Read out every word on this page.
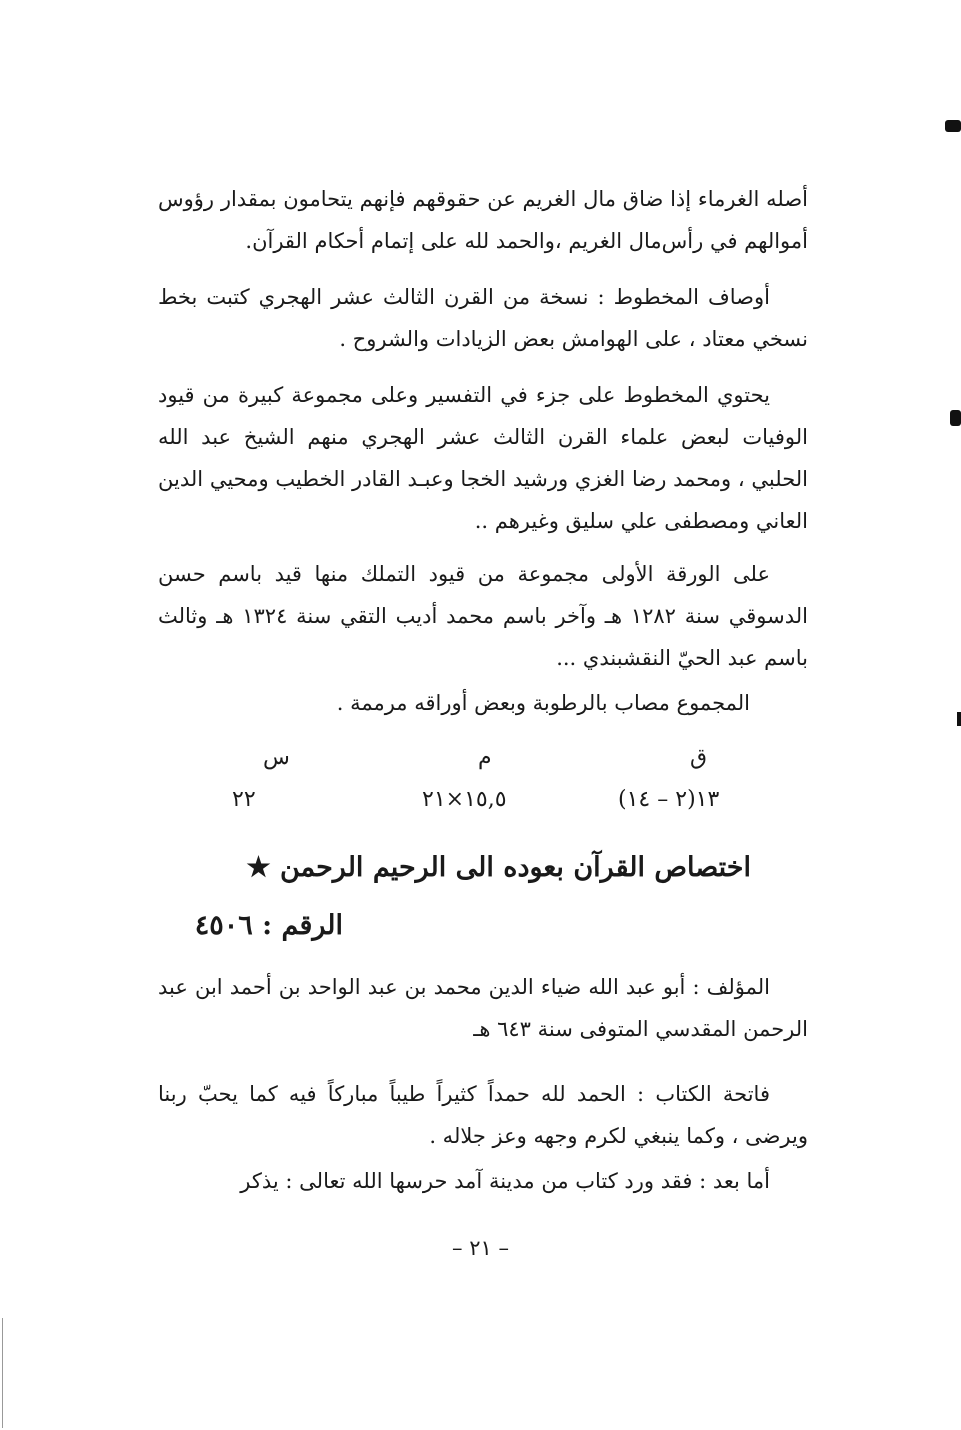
أصله الغرماء إذا ضاق مال الغريم عن حقوقهم فإنهم يتحامون بمقدار رؤوس أموالهم في رأس‌مال الغريم ،والحمد لله على إتمام أحكام القرآن.

أوصاف المخطوط : نسخة من القرن الثالث عشر الهجري كتبت بخط نسخي معتاد ، على الهوامش بعض الزيادات والشروح .

يحتوي المخطوط على جزء في التفسير وعلى مجموعة كبيرة من قيود الوفيات لبعض علماء القرن الثالث عشر الهجري منهم الشيخ عبد الله الحلبي ، ومحمد رضا الغزي ورشيد الخجا وعبـد القادر الخطيب ومحيي الدين العاني ومصطفى علي سليق وغيرهم ..

على الورقة الأولى مجموعة من قيود التملك منها قيد باسم حسن الدسوقي سنة ١٢٨٢ هـ وآخر باسم محمد أديب التقي سنة ١٣٢٤ هـ وثالث باسم عبد الحيّ النقشبندي ...

المجموع مصاب بالرطوبة وبعض أوراقه مرممة .

ق
م
س
١٣(٢ – ١٤)
١٥,٥×٢١
٢٢
اختصاص القرآن بعوده الى الرحيم الرحمن ★
الرقم : ٤٥٠٦

المؤلف : أبو عبد الله ضياء الدين محمد بن عبد الواحد بن أحمد ابن عبد الرحمن المقدسي المتوفى سنة ٦٤٣ هـ

فاتحة الكتاب : الحمد لله حمداً كثيراً طيباً مباركاً فيه كما يحبّ ربنا ويرضى ، وكما ينبغي لكرم وجهه وعز جلاله .

أما بعد : فقد ورد كتاب من مدينة آمد حرسها الله تعالى : يذكر

– ٢١ –
